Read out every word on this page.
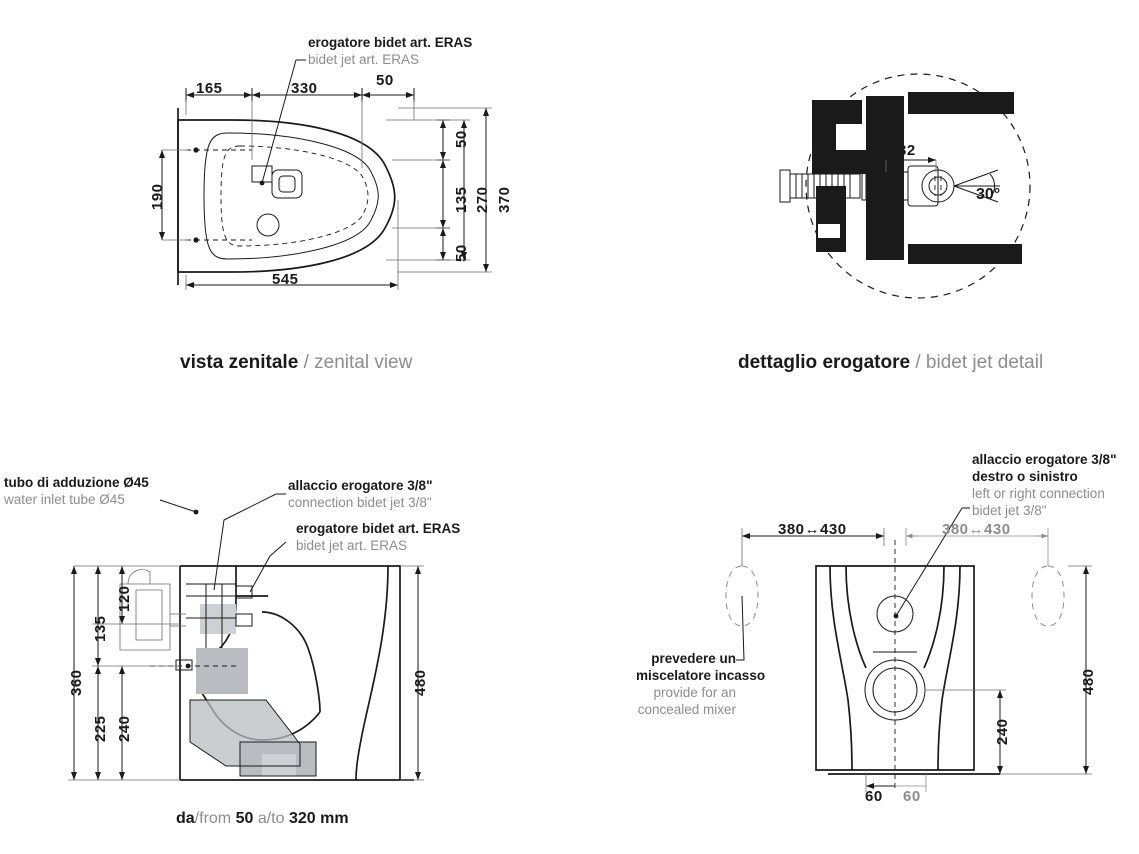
erogatore bidet art. ERAS
bidet jet art. ERAS
165	330	50
545
190
50
135
50
270 370
vista zenitale / zenital view
32
30°
dettaglio erogatore / bidet jet detail
tubo di adduzione Ø45
water inlet tube Ø45
allaccio erogatore 3/8"
connection bidet jet 3/8"
erogatore bidet art. ERAS
bidet jet art. ERAS
120
135
225 240
360	480
da/from 50 a/to 320 mm
allaccio erogatore 3/8"
destro o sinistro
left or right connection
bidet jet 3/8"
prevedere un
miscelatore incasso
provide for an
concealed mixer
380↔430	380↔430
480
240
60 60
